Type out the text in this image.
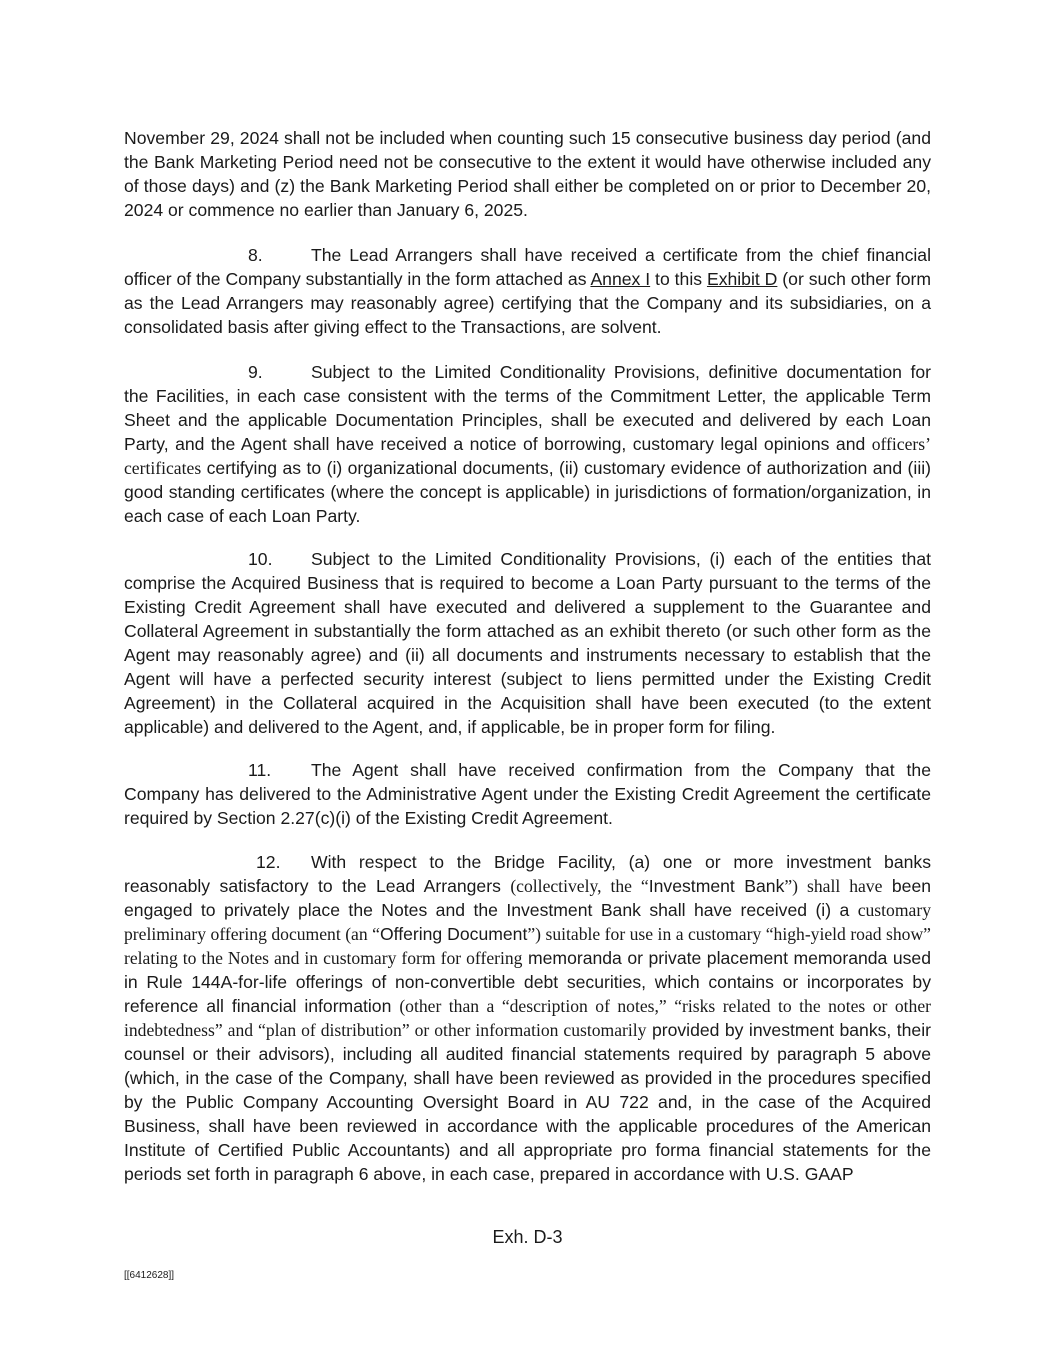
November 29, 2024 shall not be included when counting such 15 consecutive business day period (and the Bank Marketing Period need not be consecutive to the extent it would have otherwise included any of those days) and (z) the Bank Marketing Period shall either be completed on or prior to December 20, 2024 or commence no earlier than January 6, 2025.

8.	The Lead Arrangers shall have received a certificate from the chief financial officer of the Company substantially in the form attached as Annex I to this Exhibit D (or such other form as the Lead Arrangers may reasonably agree) certifying that the Company and its subsidiaries, on a consolidated basis after giving effect to the Transactions, are solvent.

9.	Subject to the Limited Conditionality Provisions, definitive documentation for the Facilities, in each case consistent with the terms of the Commitment Letter, the applicable Term Sheet and the applicable Documentation Principles, shall be executed and delivered by each Loan Party, and the Agent shall have received a notice of borrowing, customary legal opinions and officers’ certificates certifying as to (i) organizational documents, (ii) customary evidence of authorization and (iii) good standing certificates (where the concept is applicable) in jurisdictions of formation/organization, in each case of each Loan Party.

10. Subject to the Limited Conditionality Provisions, (i) each of the entities that comprise the Acquired Business that is required to become a Loan Party pursuant to the terms of the Existing Credit Agreement shall have executed and delivered a supplement to the Guarantee and Collateral Agreement in substantially the form attached as an exhibit thereto (or such other form as the Agent may reasonably agree) and (ii) all documents and instruments necessary to establish that the Agent will have a perfected security interest (subject to liens permitted under the Existing Credit Agreement) in the Collateral acquired in the Acquisition shall have been executed (to the extent applicable) and delivered to the Agent, and, if applicable, be in proper form for filing.

11. The Agent shall have received confirmation from the Company that the Company has delivered to the Administrative Agent under the Existing Credit Agreement the certificate required by Section 2.27(c)(i) of the Existing Credit Agreement.

12. With respect to the Bridge Facility, (a) one or more investment banks reasonably satisfactory to the Lead Arrangers (collectively, the “Investment Bank”) shall have been engaged to privately place the Notes and the Investment Bank shall have received (i) a customary preliminary offering document (an “Offering Document”) suitable for use in a customary “high-yield road show” relating to the Notes and in customary form for offering memoranda or private placement memoranda used in Rule 144A-for-life offerings of non-convertible debt securities, which contains or incorporates by reference all financial information (other than a “description of notes,” “risks related to the notes or other indebtedness” and “plan of distribution” or other information customarily provided by investment banks, their counsel or their advisors), including all audited financial statements required by paragraph 5 above (which, in the case of the Company, shall have been reviewed as provided in the procedures specified by the Public Company Accounting Oversight Board in AU 722 and, in the case of the Acquired Business, shall have been reviewed in accordance with the applicable procedures of the American Institute of Certified Public Accountants) and all appropriate pro forma financial statements for the periods set forth in paragraph 6 above, in each case, prepared in accordance with U.S. GAAP

Exh. D-3
[[6412628]]
